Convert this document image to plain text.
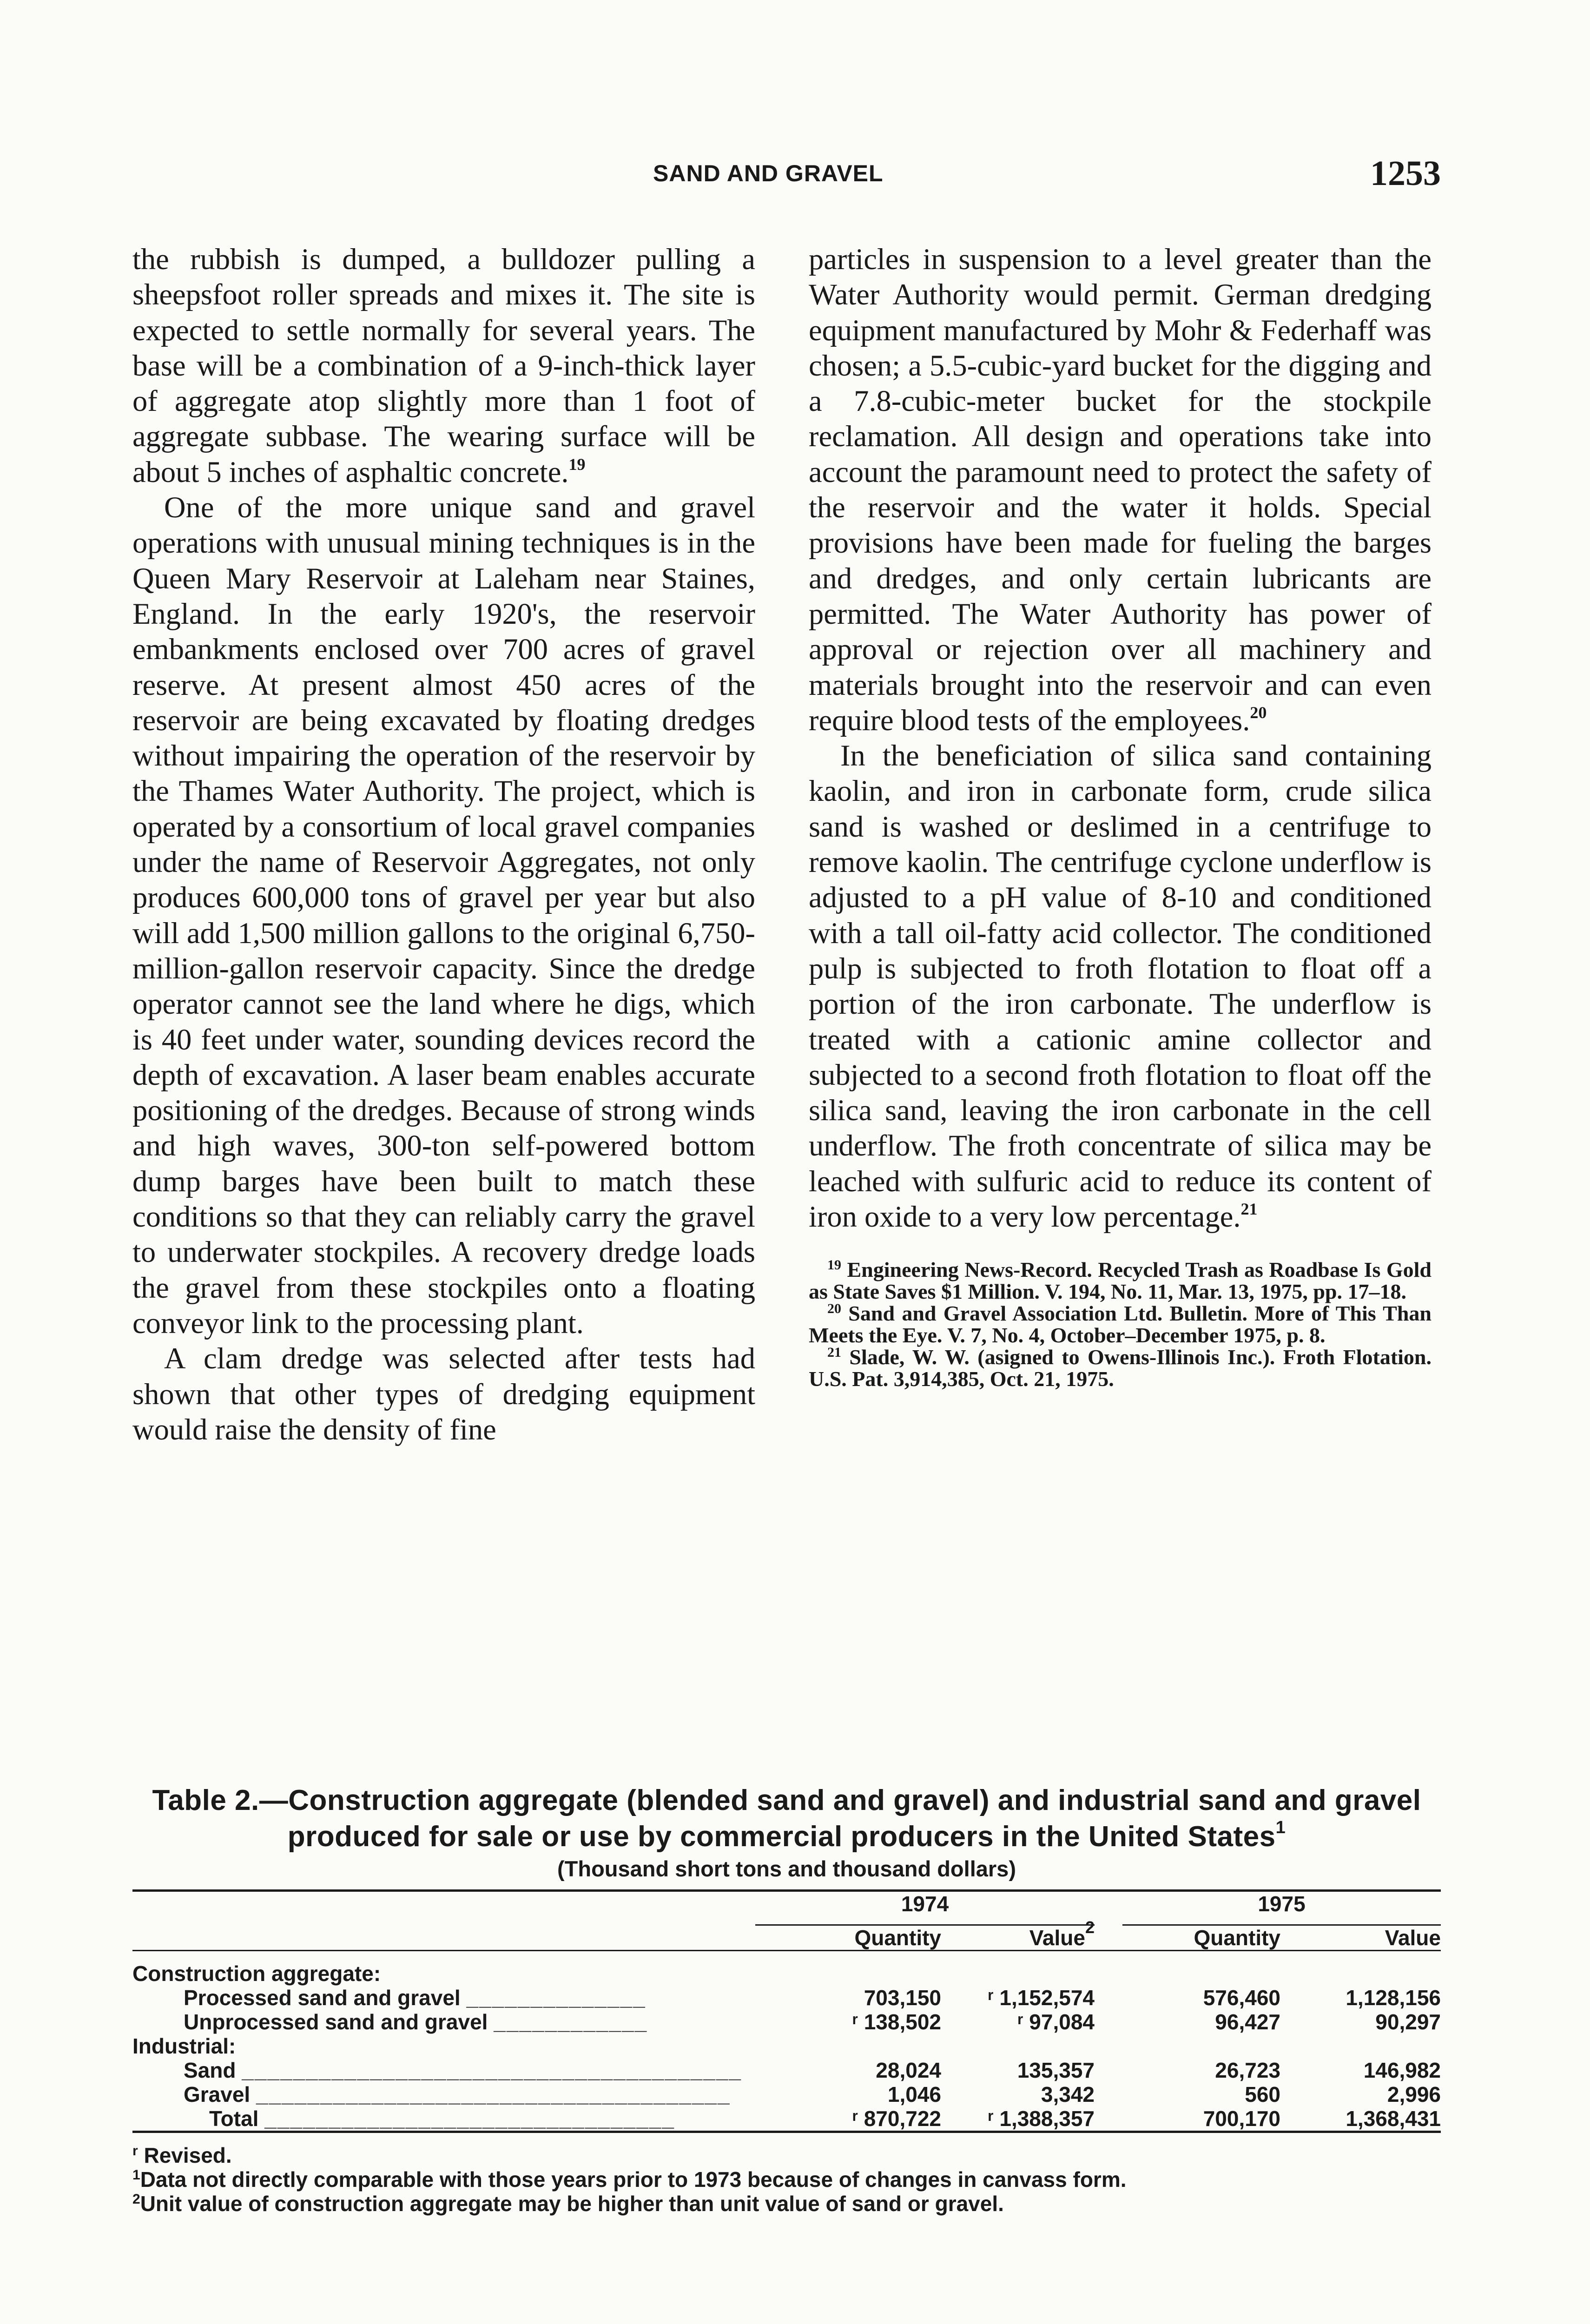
SAND AND GRAVEL	1253

the rubbish is dumped, a bulldozer pulling a sheepsfoot roller spreads and mixes it. The site is expected to settle normally for several years. The base will be a combination of a 9-inch-thick layer of aggregate atop slightly more than 1 foot of aggregate subbase. The wearing surface will be about 5 inches of asphaltic concrete.$^{19}$

One of the more unique sand and gravel operations with unusual mining techniques is in the Queen Mary Reservoir at Laleham near Staines, England. In the early 1920's, the reservoir embankments enclosed over 700 acres of gravel reserve. At present almost 450 acres of the reservoir are being excavated by floating dredges without impairing the operation of the reservoir by the Thames Water Authority. The project, which is operated by a consortium of local gravel companies under the name of Reservoir Aggregates, not only produces 600,000 tons of gravel per year but also will add 1,500 million gallons to the original 6,750-million-gallon reservoir capacity. Since the dredge operator cannot see the land where he digs, which is 40 feet under water, sounding devices record the depth of excavation. A laser beam enables accurate positioning of the dredges. Because of strong winds and high waves, 300-ton self-powered bottom dump barges have been built to match these conditions so that they can reliably carry the gravel to underwater stockpiles. A recovery dredge loads the gravel from these stockpiles onto a floating conveyor link to the processing plant.

A clam dredge was selected after tests had shown that other types of dredging equipment would raise the density of fine

particles in suspension to a level greater than the Water Authority would permit. German dredging equipment manufactured by Mohr & Federhaff was chosen; a 5.5-cubic-yard bucket for the digging and a 7.8-cubic-meter bucket for the stockpile reclamation. All design and operations take into account the paramount need to protect the safety of the reservoir and the water it holds. Special provisions have been made for fueling the barges and dredges, and only certain lubricants are permitted. The Water Authority has power of approval or rejection over all machinery and materials brought into the reservoir and can even require blood tests of the employees.$^{20}$

In the beneficiation of silica sand containing kaolin, and iron in carbonate form, crude silica sand is washed or deslimed in a centrifuge to remove kaolin. The centrifuge cyclone underflow is adjusted to a pH value of 8-10 and conditioned with a tall oil-fatty acid collector. The conditioned pulp is subjected to froth flotation to float off a portion of the iron carbonate. The underflow is treated with a cationic amine collector and subjected to a second froth flotation to float off the silica sand, leaving the iron carbonate in the cell underflow. The froth concentrate of silica may be leached with sulfuric acid to reduce its content of iron oxide to a very low percentage.$^{21}$

$^{19}$ Engineering News-Record. Recycled Trash as Roadbase Is Gold as State Saves $1 Million. V. 194, No. 11, Mar. 13, 1975, pp. 17–18.
$^{20}$ Sand and Gravel Association Ltd. Bulletin. More of This Than Meets the Eye. V. 7, No. 4, October–December 1975, p. 8.
$^{21}$ Slade, W. W. (asigned to Owens-Illinois Inc.). Froth Flotation. U.S. Pat. 3,914,385, Oct. 21, 1975.
Table 2.—Construction aggregate (blended sand and gravel) and industrial sand and gravel produced for sale or use by commercial producers in the United States$^1$
(Thousand short tons and thousand dollars)

	1974		1975	

	Quantity	Value$^2$	Quantity	Value

Construction aggregate:				
Processed sand and gravel ______________	703,150	ʳ 1,152,574	576,460	1,128,156
Unprocessed sand and gravel ____________	ʳ 138,502	ʳ 97,084	96,427	90,297
Industrial:				
Sand _______________________________________	28,024	135,357	26,723	146,982
Gravel _____________________________________	1,046	3,342	560	2,996
Total ________________________________	ʳ 870,722	ʳ 1,388,357	700,170	1,368,431
$^r$ Revised.
$^1$Data not directly comparable with those years prior to 1973 because of changes in canvass form.
$^2$Unit value of construction aggregate may be higher than unit value of sand or gravel.
